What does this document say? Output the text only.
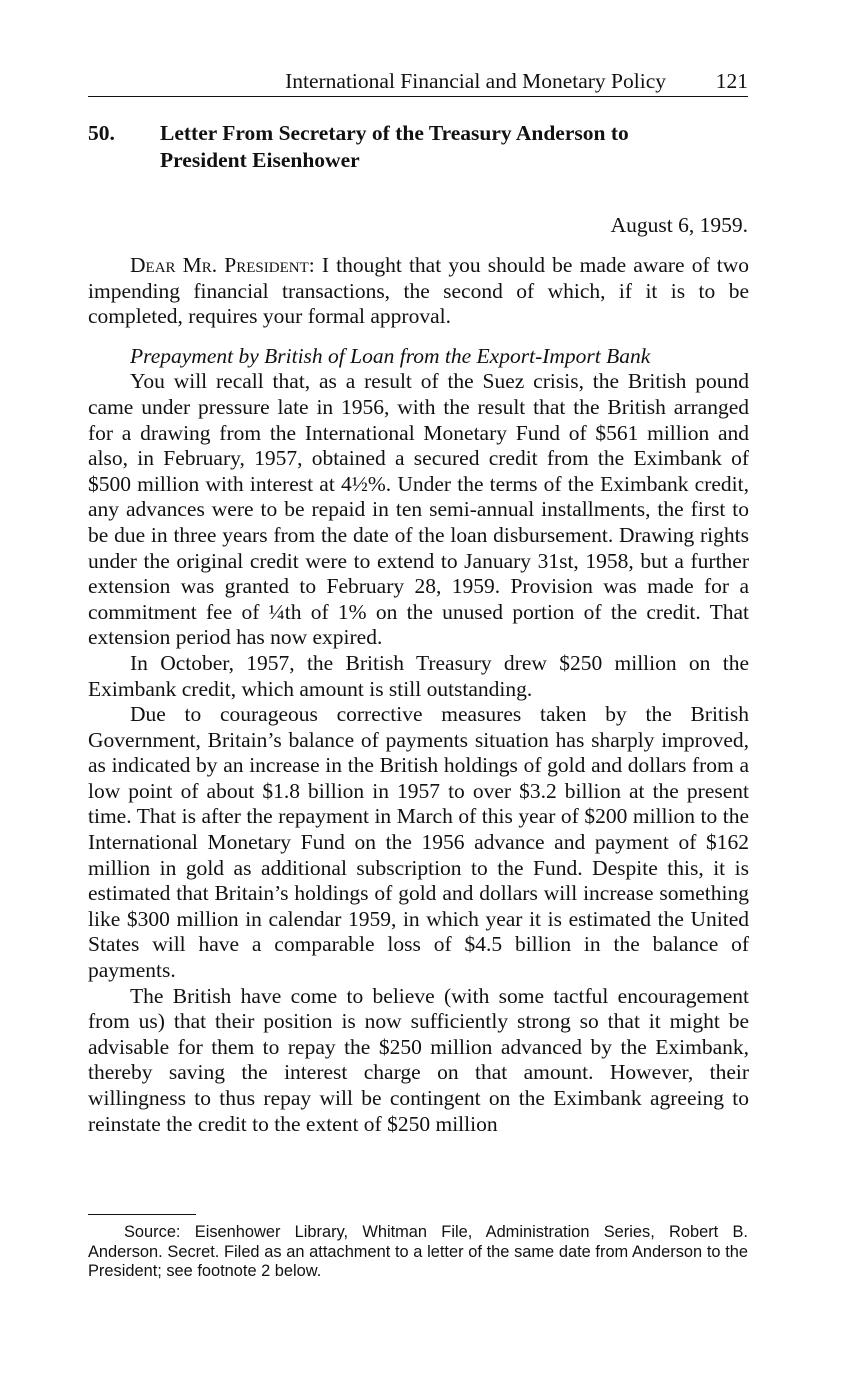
International Financial and Monetary Policy 121
50. Letter From Secretary of the Treasury Anderson to
President Eisenhower
August 6, 1959.

Dear Mr. President: I thought that you should be made aware of two impending financial transactions, the second of which, if it is to be completed, requires your formal approval.

Prepayment by British of Loan from the Export-Import Bank

You will recall that, as a result of the Suez crisis, the British pound came under pressure late in 1956, with the result that the British arranged for a drawing from the International Monetary Fund of $561 million and also, in February, 1957, obtained a secured credit from the Eximbank of $500 million with interest at 4½%. Under the terms of the Eximbank credit, any advances were to be repaid in ten semi-annual installments, the first to be due in three years from the date of the loan disbursement. Drawing rights under the original credit were to extend to January 31st, 1958, but a further extension was granted to February 28, 1959. Provision was made for a commitment fee of ¼th of 1% on the unused portion of the credit. That extension period has now expired.

In October, 1957, the British Treasury drew $250 million on the Eximbank credit, which amount is still outstanding.

Due to courageous corrective measures taken by the British Government, Britain’s balance of payments situation has sharply improved, as indicated by an increase in the British holdings of gold and dollars from a low point of about $1.8 billion in 1957 to over $3.2 billion at the present time. That is after the repayment in March of this year of $200 million to the International Monetary Fund on the 1956 advance and payment of $162 million in gold as additional subscription to the Fund. Despite this, it is estimated that Britain’s holdings of gold and dollars will increase something like $300 million in calendar 1959, in which year it is estimated the United States will have a comparable loss of $4.5 billion in the balance of payments.

The British have come to believe (with some tactful encouragement from us) that their position is now sufficiently strong so that it might be advisable for them to repay the $250 million advanced by the Eximbank, thereby saving the interest charge on that amount. However, their willingness to thus repay will be contingent on the Eximbank agreeing to reinstate the credit to the extent of $250 million

Source: Eisenhower Library, Whitman File, Administration Series, Robert B. Anderson. Secret. Filed as an attachment to a letter of the same date from Anderson to the President; see footnote 2 below.
